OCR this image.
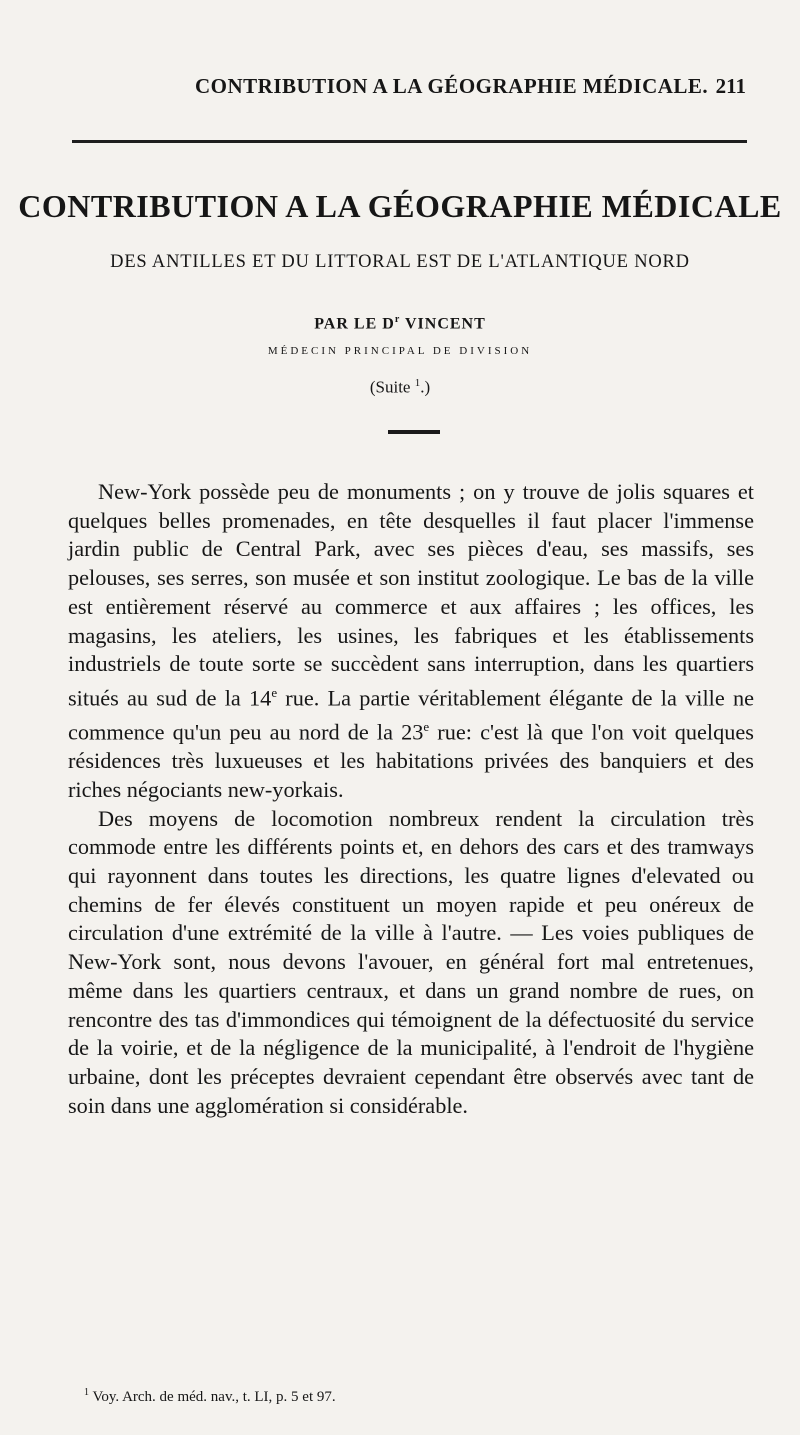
CONTRIBUTION A LA GÉOGRAPHIE MÉDICALE. 211
CONTRIBUTION A LA GÉOGRAPHIE MÉDICALE
DES ANTILLES ET DU LITTORAL EST DE L'ATLANTIQUE NORD
PAR LE $D^r$ VINCENT
MÉDECIN PRINCIPAL DE DIVISION
(Suite $^1$.)

New-York possède peu de monuments ; on y trouve de jolis squares et quelques belles promenades, en tête desquelles il faut placer l'immense jardin public de Central Park, avec ses pièces d'eau, ses massifs, ses pelouses, ses serres, son musée et son institut zoologique. Le bas de la ville est entièrement réservé au commerce et aux affaires ; les offices, les magasins, les ateliers, les usines, les fabriques et les établissements industriels de toute sorte se succèdent sans interruption, dans les quartiers situés au sud de la 14e rue. La partie véritablement élégante de la ville ne commence qu'un peu au nord de la 23e rue: c'est là que l'on voit quelques résidences très luxueuses et les habitations privées des banquiers et des riches négociants new-yorkais.

Des moyens de locomotion nombreux rendent la circulation très commode entre les différents points et, en dehors des cars et des tramways qui rayonnent dans toutes les directions, les quatre lignes d'elevated ou chemins de fer élevés constituent un moyen rapide et peu onéreux de circulation d'une extrémité de la ville à l'autre. — Les voies publiques de New-York sont, nous devons l'avouer, en général fort mal entretenues, même dans les quartiers centraux, et dans un grand nombre de rues, on rencontre des tas d'immondices qui témoignent de la défectuosité du service de la voirie, et de la négligence de la municipalité, à l'endroit de l'hygiène urbaine, dont les préceptes devraient cependant être observés avec tant de soin dans une agglomération si considérable.

$^1$ Voy. Arch. de méd. nav., t. LI, p. 5 et 97.
